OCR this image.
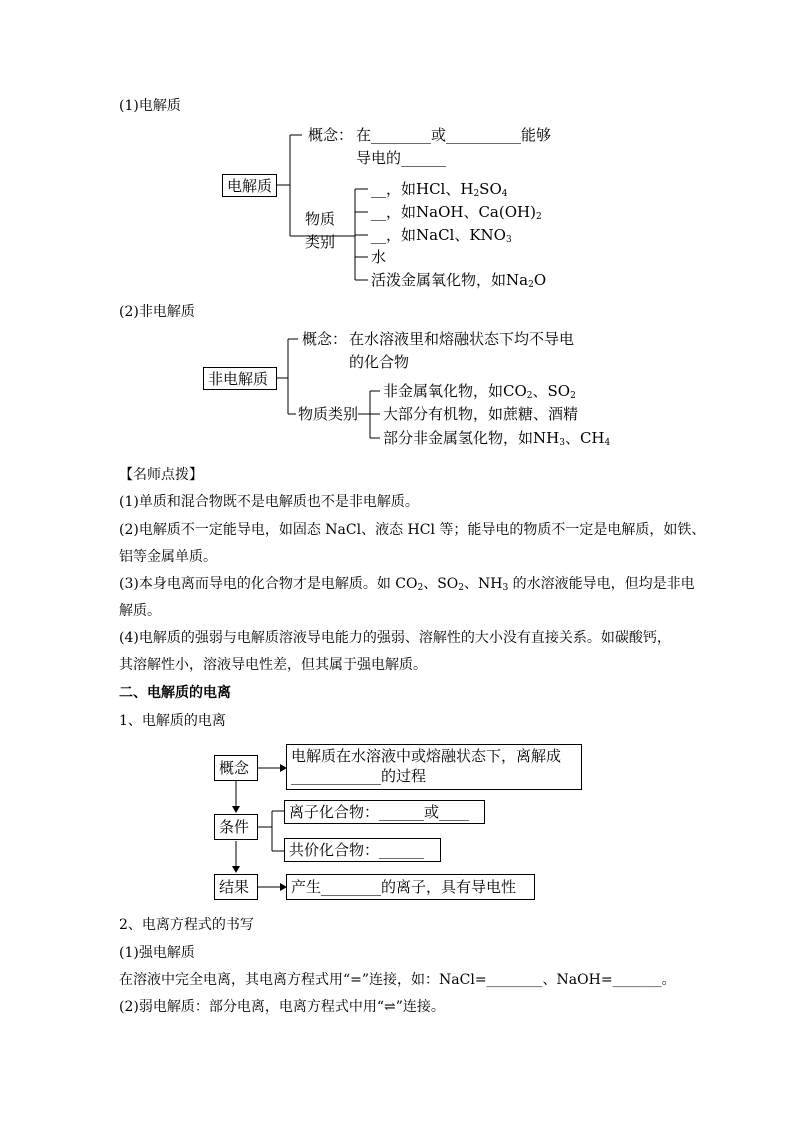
(1)电解质
电解质
概念： 在________或__________能够
导电的______
物质
类别
__，如HCl、$H_2SO_4$
__，如NaOH、$Ca(OH)_2$
__，如NaCl、$KNO_3$
水
活泼金属氧化物，如$Na_2O$
(2)非电解质
非电解质
概念： 在水溶液里和熔融状态下均不导电
的化合物
物质类别
非金属氧化物，如$CO_2$、$SO_2$
大部分有机物，如蔗糖、酒精
部分非金属氢化物，如$NH_3$、$CH_4$
【名师点拨】
(1)单质和混合物既不是电解质也不是非电解质。
(2)电解质不一定能导电，如固态 NaCl、液态 HCl 等；能导电的物质不一定是电解质，如铁、
铝等金属单质。
(3)本身电离而导电的化合物才是电解质。如 $CO_2$、$SO_2$、$NH_3$ 的水溶液能导电，但均是非电
解质。
(4)电解质的强弱与电解质溶液导电能力的强弱、溶解性的大小没有直接关系。如碳酸钙，
其溶解性小，溶液导电性差，但其属于强电解质。
二、电解质的电离
1、电解质的电离
概念
电解质在水溶液中或熔融状态下，离解成
____________的过程
条件
离子化合物：______或____
共价化合物：______
结果	产生________的离子，具有导电性
2、电离方程式的书写
(1)强电解质
在溶液中完全电离，其电离方程式用“=”连接，如：NaCl=________、NaOH=_______。
(2)弱电解质：部分电离，电离方程式中用“⇌”连接。
